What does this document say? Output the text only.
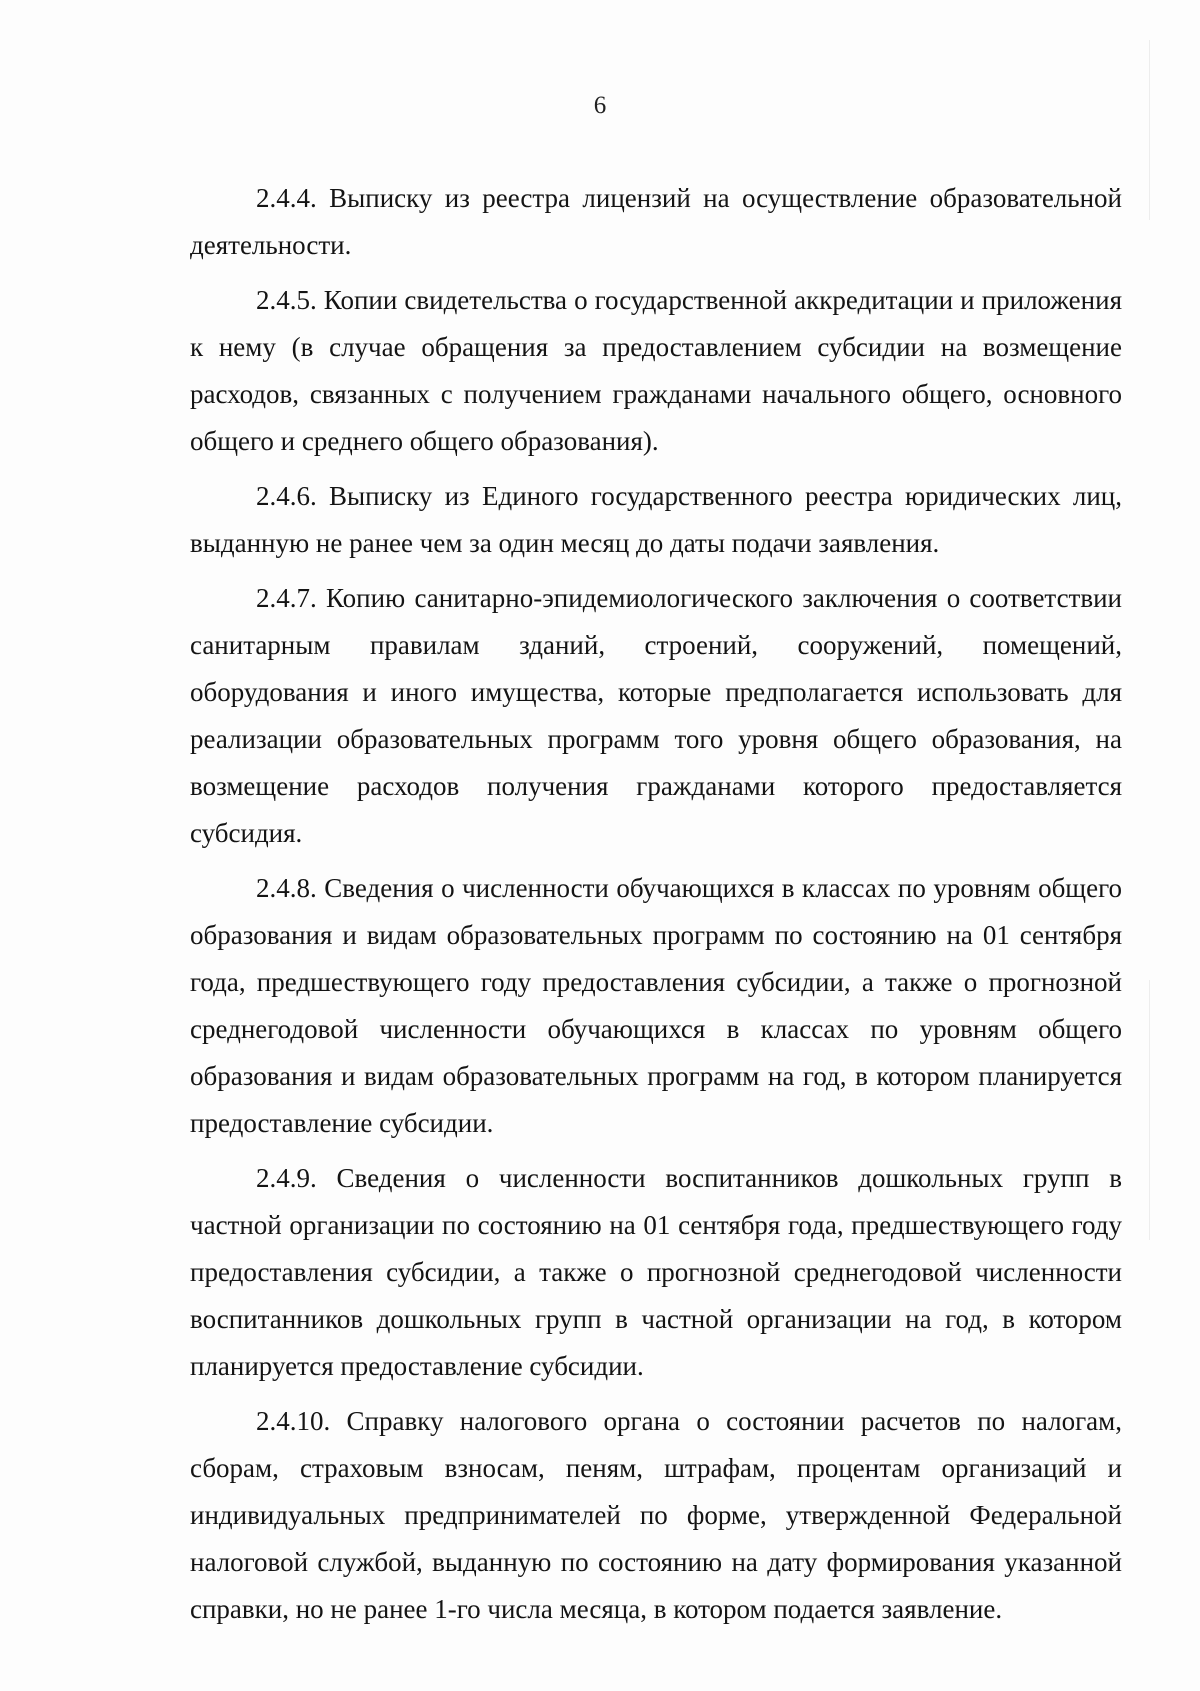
6

2.4.4. Выписку из реестра лицензий на осуществление образовательной деятельности.

2.4.5. Копии свидетельства о государственной аккредитации и приложения к нему (в случае обращения за предоставлением субсидии на возмещение расходов, связанных с получением гражданами начального общего, основного общего и среднего общего образования).

2.4.6. Выписку из Единого государственного реестра юридических лиц, выданную не ранее чем за один месяц до даты подачи заявления.

2.4.7. Копию санитарно-эпидемиологического заключения о соответствии санитарным правилам зданий, строений, сооружений, помещений, оборудования и иного имущества, которые предполагается использовать для реализации образовательных программ того уровня общего образования, на возмещение расходов получения гражданами которого предоставляется субсидия.

2.4.8. Сведения о численности обучающихся в классах по уровням общего образования и видам образовательных программ по состоянию на 01 сентября года, предшествующего году предоставления субсидии, а также о прогнозной среднегодовой численности обучающихся в классах по уровням общего образования и видам образовательных программ на год, в котором планируется предоставление субсидии.

2.4.9. Сведения о численности воспитанников дошкольных групп в частной организации по состоянию на 01 сентября года, предшествующего году предоставления субсидии, а также о прогнозной среднегодовой численности воспитанников дошкольных групп в частной организации на год, в котором планируется предоставление субсидии.

2.4.10. Справку налогового органа о состоянии расчетов по налогам, сборам, страховым взносам, пеням, штрафам, процентам организаций и индивидуальных предпринимателей по форме, утвержденной Федеральной налоговой службой, выданную по состоянию на дату формирования указанной справки, но не ранее 1-го числа месяца, в котором подается заявление.
